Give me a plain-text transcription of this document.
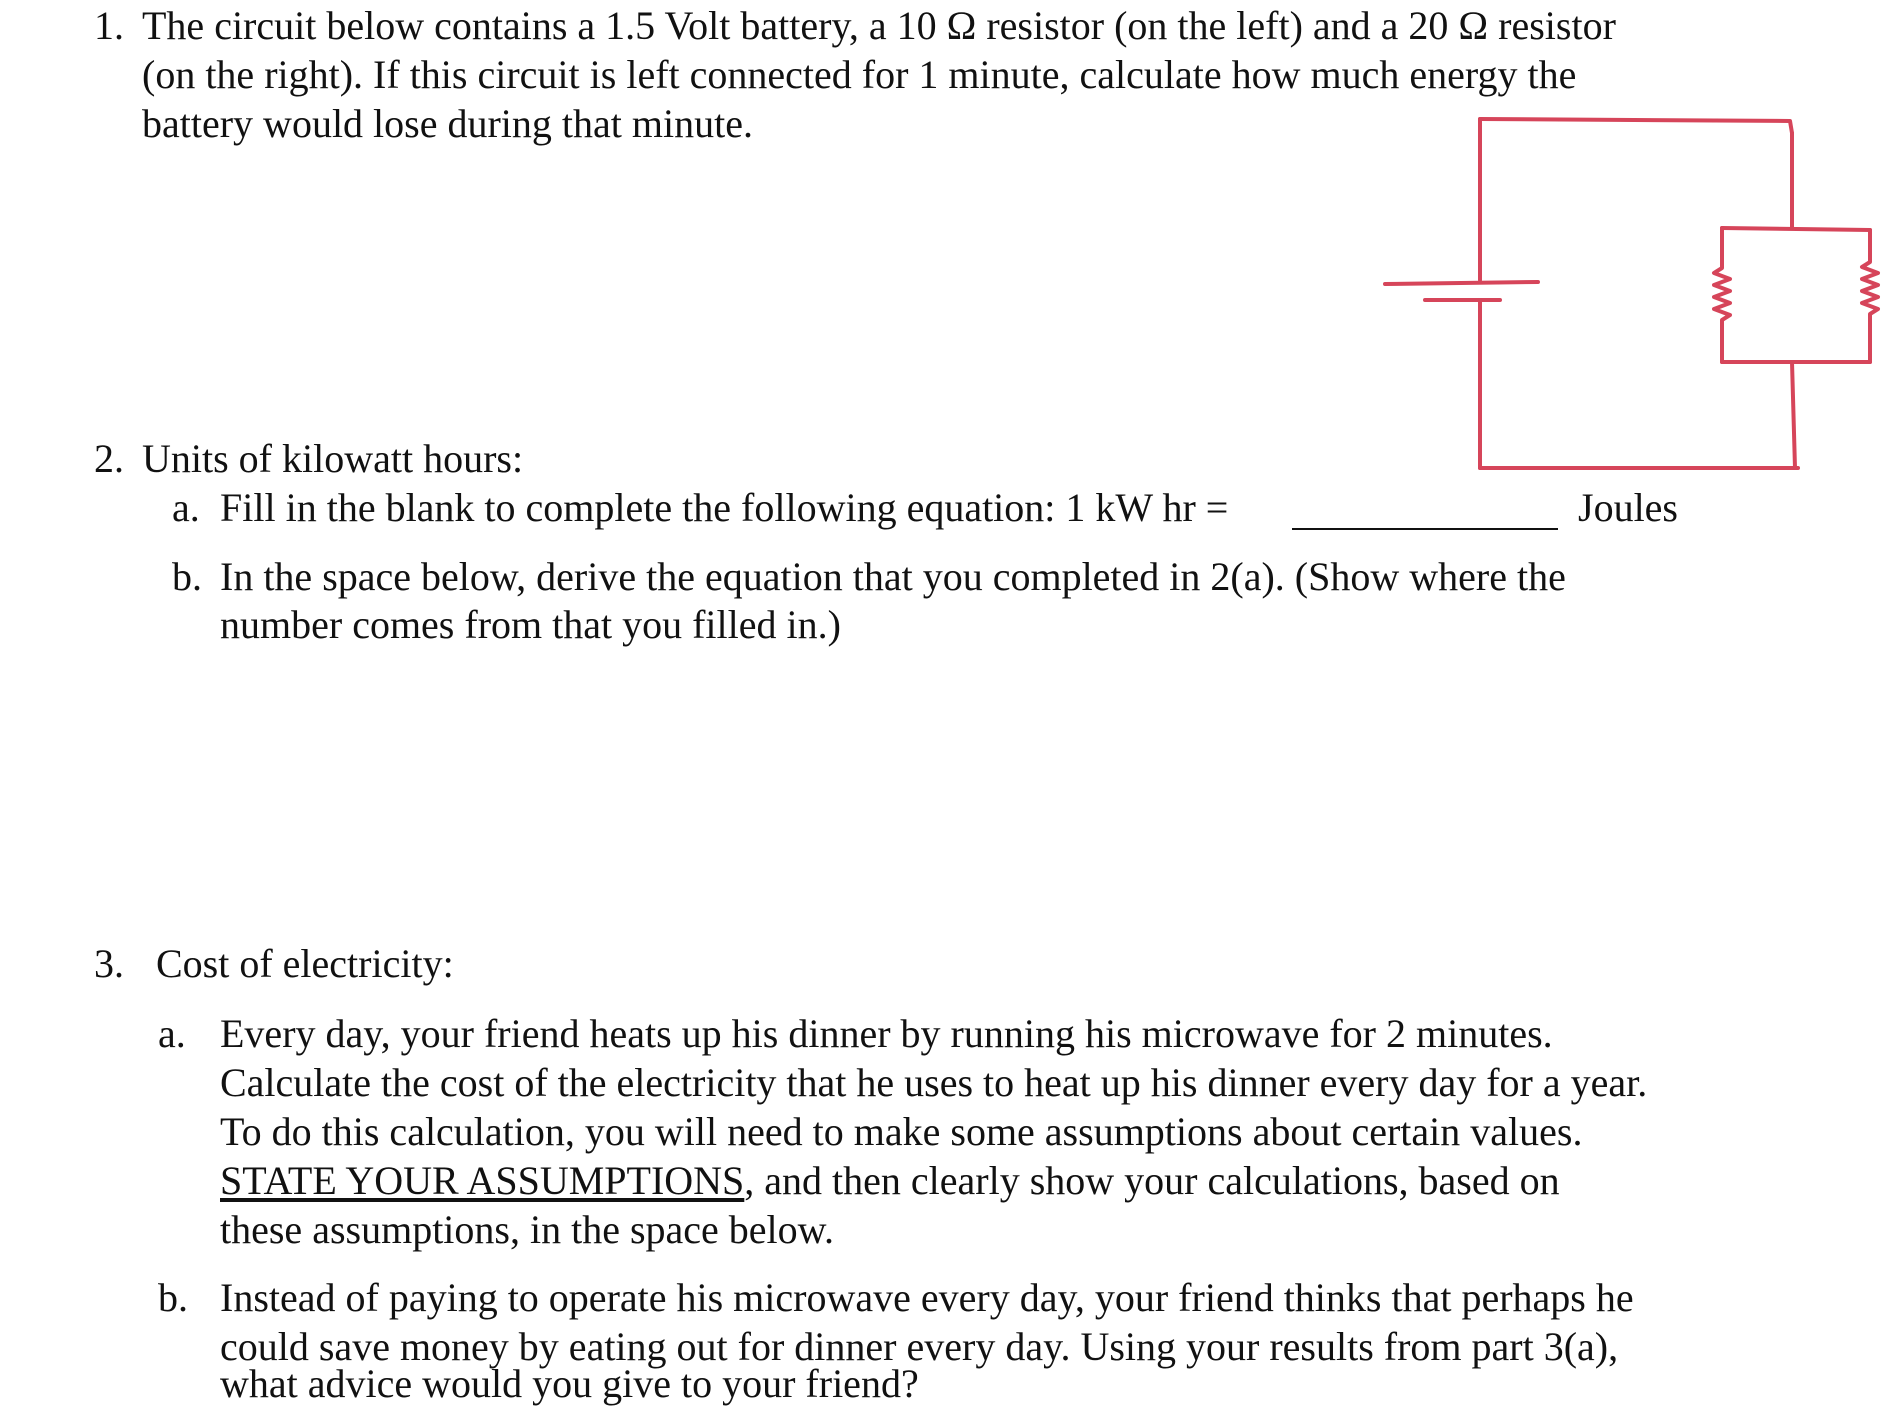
1. The circuit below contains a 1.5 Volt battery, a 10 Ω resistor (on the left) and a 20 Ω resistor
(on the right). If this circuit is left connected for 1 minute, calculate how much energy the
battery would lose during that minute.
2. Units of kilowatt hours:
a. Fill in the blank to complete the following equation: 1 kW hr =	Joules
b. In the space below, derive the equation that you completed in 2(a). (Show where the
number comes from that you filled in.)
3. Cost of electricity:
a. Every day, your friend heats up his dinner by running his microwave for 2 minutes.
Calculate the cost of the electricity that he uses to heat up his dinner every day for a year.
To do this calculation, you will need to make some assumptions about certain values.
STATE YOUR ASSUMPTIONS, and then clearly show your calculations, based on
these assumptions, in the space below.
b. Instead of paying to operate his microwave every day, your friend thinks that perhaps he
could save money by eating out for dinner every day. Using your results from part 3(a),
what advice would you give to your friend?
